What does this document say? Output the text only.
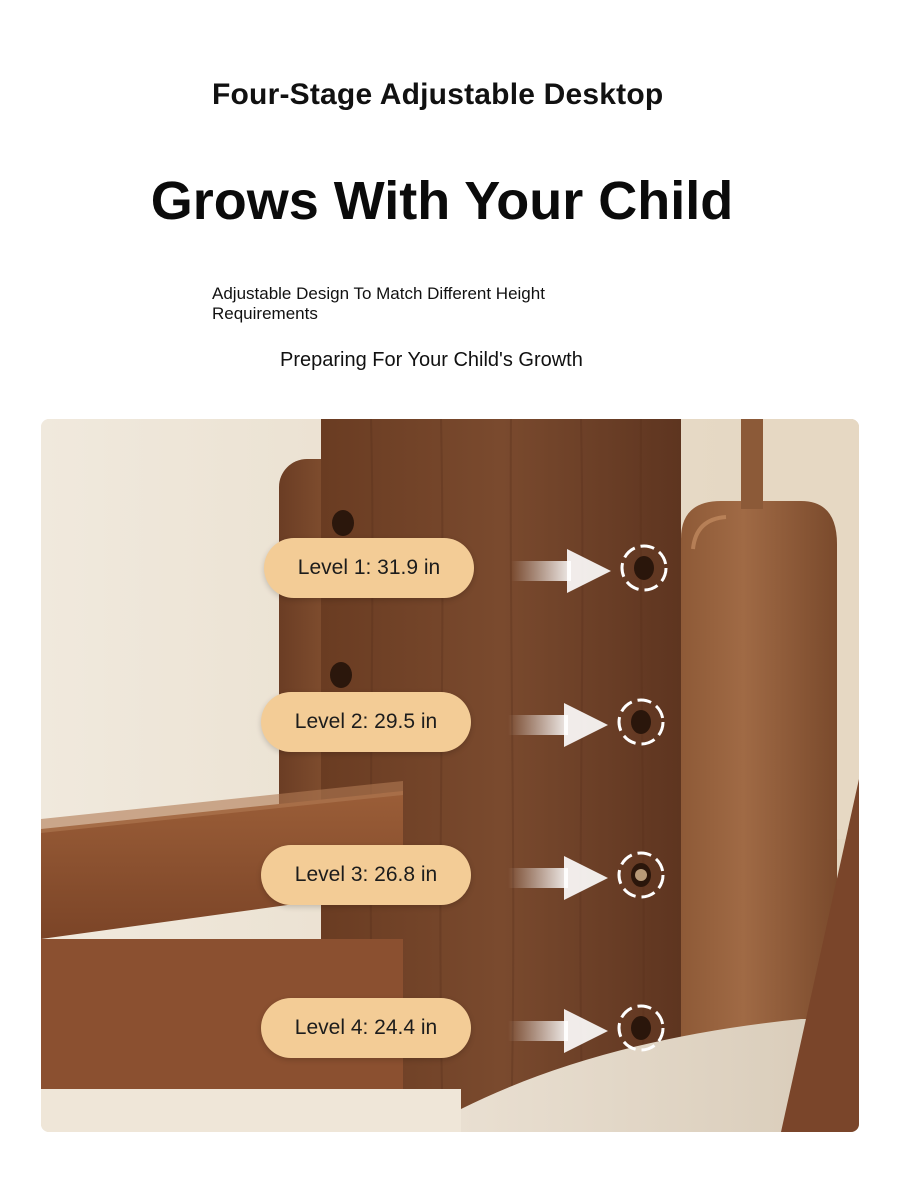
Four-Stage Adjustable Desktop
Grows With Your Child
Adjustable Design To Match Different Height Requirements
Preparing For Your Child's Growth
Level 1: 31.9 in
Level 2: 29.5 in
Level 3: 26.8 in
Level 4: 24.4 in
